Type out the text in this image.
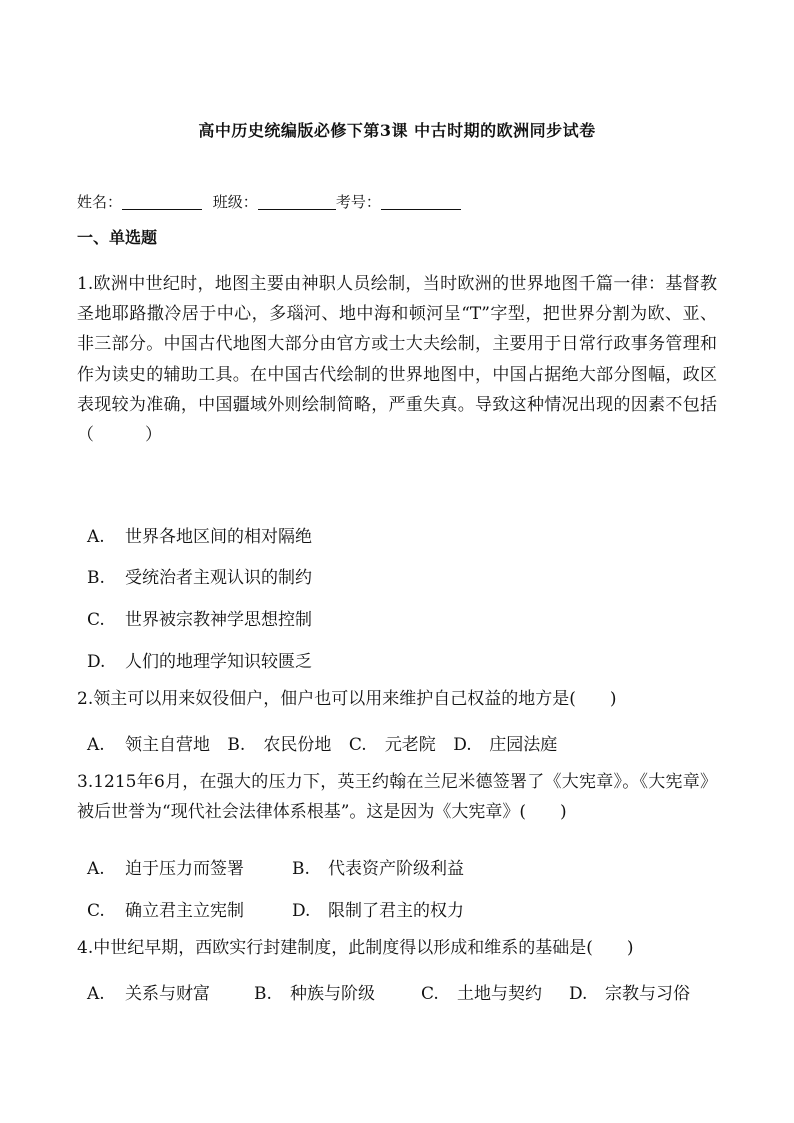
高中历史统编版必修下第3课 中古时期的欧洲同步试卷
姓名：	班级：	考号：
一、单选题
1.欧洲中世纪时，地图主要由神职人员绘制，当时欧洲的世界地图千篇一律：基督教圣地耶路撒冷居于中心，多瑙河、地中海和顿河呈“T”字型，把世界分割为欧、亚、非三部分。中国古代地图大部分由官方或士大夫绘制，主要用于日常行政事务管理和作为读史的辅助工具。在中国古代绘制的世界地图中，中国占据绝大部分图幅，政区表现较为准确，中国疆域外则绘制简略，严重失真。导致这种情况出现的因素不包括（　　　）
A. 世界各地区间的相对隔绝
B. 受统治者主观认识的制约
C. 世界被宗教神学思想控制
D. 人们的地理学知识较匮乏
2.领主可以用来奴役佃户，佃户也可以用来维护自己权益的地方是(　　)
A. 领主自营地 B. 农民份地 C. 元老院 D. 庄园法庭
3.1215年6月，在强大的压力下，英王约翰在兰尼米德签署了《大宪章》。《大宪章》被后世誉为“现代社会法律体系根基”。这是因为《大宪章》(　　)
A. 迫于压力而签署	B. 代表资产阶级利益
C. 确立君主立宪制	D. 限制了君主的权力
4.中世纪早期，西欧实行封建制度，此制度得以形成和维系的基础是(　　)
A. 关系与财富	B. 种族与阶级	C. 土地与契约 D. 宗教与习俗
